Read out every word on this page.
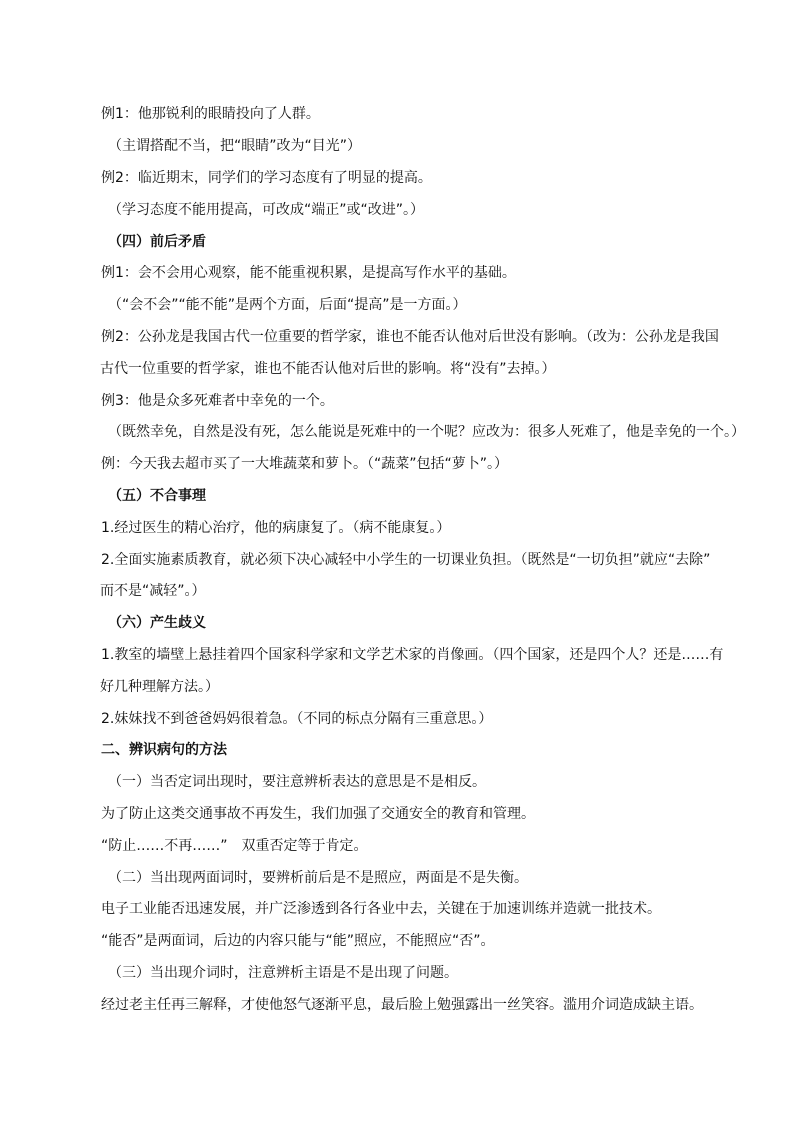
例1：他那锐利的眼睛投向了人群。
（主谓搭配不当，把“眼睛”改为“目光”）
例2：临近期末，同学们的学习态度有了明显的提高。
（学习态度不能用提高，可改成“端正”或“改进”。）
（四）前后矛盾
例1：会不会用心观察，能不能重视积累，是提高写作水平的基础。
（“会不会”“能不能”是两个方面，后面“提高”是一方面。）
例2：公孙龙是我国古代一位重要的哲学家，谁也不能否认他对后世没有影响。（改为：公孙龙是我国
古代一位重要的哲学家，谁也不能否认他对后世的影响。将“没有”去掉。）
例3：他是众多死难者中幸免的一个。
（既然幸免，自然是没有死，怎么能说是死难中的一个呢？应改为：很多人死难了，他是幸免的一个。）
例：今天我去超市买了一大堆蔬菜和萝卜。（“蔬菜”包括“萝卜”。）
（五）不合事理
1.经过医生的精心治疗，他的病康复了。（病不能康复。）
2.全面实施素质教育，就必须下决心减轻中小学生的一切课业负担。（既然是“一切负担”就应“去除”
而不是“减轻”。）
（六）产生歧义
1.教室的墙壁上悬挂着四个国家科学家和文学艺术家的肖像画。（四个国家，还是四个人？还是……有
好几种理解方法。）
2.妹妹找不到爸爸妈妈很着急。（不同的标点分隔有三重意思。）
二、辨识病句的方法
（一）当否定词出现时，要注意辨析表达的意思是不是相反。
为了防止这类交通事故不再发生，我们加强了交通安全的教育和管理。
“防止……不再……”　双重否定等于肯定。
（二）当出现两面词时，要辨析前后是不是照应，两面是不是失衡。
电子工业能否迅速发展，并广泛渗透到各行各业中去，关键在于加速训练并造就一批技术。
“能否”是两面词，后边的内容只能与“能”照应，不能照应“否”。
（三）当出现介词时，注意辨析主语是不是出现了问题。
经过老主任再三解释，才使他怒气逐渐平息，最后脸上勉强露出一丝笑容。滥用介词造成缺主语。
